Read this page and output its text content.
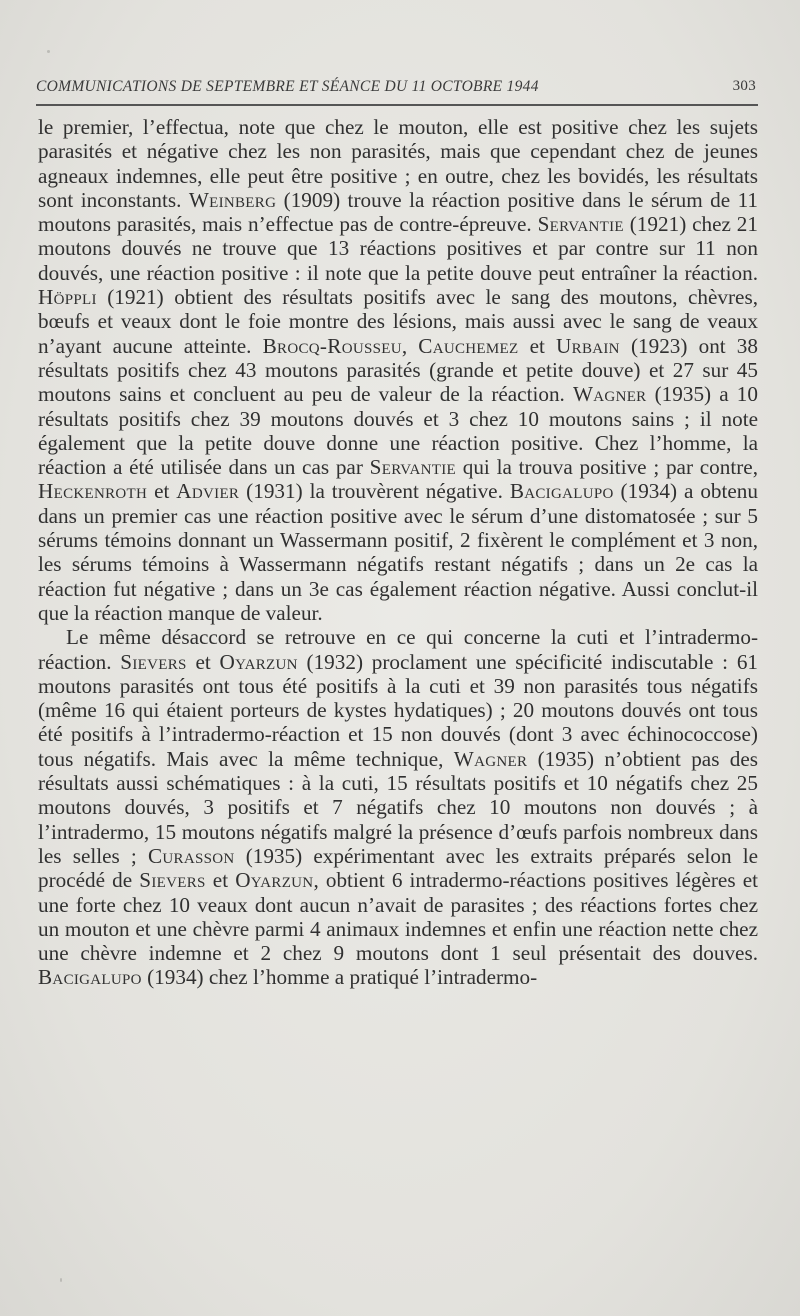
COMMUNICATIONS DE SEPTEMBRE ET SÉANCE DU 11 OCTOBRE 1944	303

le premier, l’effectua, note que chez le mouton, elle est positive chez les sujets parasités et négative chez les non parasités, mais que cependant chez de jeunes agneaux indemnes, elle peut être positive ; en outre, chez les bovidés, les résultats sont inconstants. Weinberg (1909) trouve la réaction positive dans le sérum de 11 moutons parasités, mais n’effectue pas de contre-épreuve. Servantie (1921) chez 21 moutons douvés ne trouve que 13 réactions positives et par contre sur 11 non douvés, une réaction positive : il note que la petite douve peut entraîner la réaction. Höppli (1921) obtient des résultats positifs avec le sang des moutons, chèvres, bœufs et veaux dont le foie montre des lésions, mais aussi avec le sang de veaux n’ayant aucune atteinte. Brocq-Rousseu, Cauchemez et Urbain (1923) ont 38 résultats positifs chez 43 moutons parasités (grande et petite douve) et 27 sur 45 moutons sains et concluent au peu de valeur de la réaction. Wagner (1935) a 10 résultats positifs chez 39 moutons douvés et 3 chez 10 moutons sains ; il note également que la petite douve donne une réaction positive. Chez l’homme, la réaction a été utilisée dans un cas par Servantie qui la trouva positive ; par contre, Heckenroth et Advier (1931) la trouvèrent négative. Bacigalupo (1934) a obtenu dans un premier cas une réaction positive avec le sérum d’une distomatosée ; sur 5 sérums témoins donnant un Wassermann positif, 2 fixèrent le complément et 3 non, les sérums témoins à Wassermann négatifs restant négatifs ; dans un 2e cas la réaction fut négative ; dans un 3e cas également réaction négative. Aussi conclut-il que la réaction manque de valeur.

Le même désaccord se retrouve en ce qui concerne la cuti et l’intradermo-réaction. Sievers et Oyarzun (1932) proclament une spécificité indiscutable : 61 moutons parasités ont tous été positifs à la cuti et 39 non parasités tous négatifs (même 16 qui étaient porteurs de kystes hydatiques) ; 20 moutons douvés ont tous été positifs à l’intradermo-réaction et 15 non douvés (dont 3 avec échinococcose) tous négatifs. Mais avec la même technique, Wagner (1935) n’obtient pas des résultats aussi schématiques : à la cuti, 15 résultats positifs et 10 négatifs chez 25 moutons douvés, 3 positifs et 7 négatifs chez 10 moutons non douvés ; à l’intradermo, 15 moutons négatifs malgré la présence d’œufs parfois nombreux dans les selles ; Curasson (1935) expérimentant avec les extraits préparés selon le procédé de Sievers et Oyarzun, obtient 6 intradermo-réactions positives légères et une forte chez 10 veaux dont aucun n’avait de parasites ; des réactions fortes chez un mouton et une chèvre parmi 4 animaux indemnes et enfin une réaction nette chez une chèvre indemne et 2 chez 9 moutons dont 1 seul présentait des douves. Bacigalupo (1934) chez l’homme a pratiqué l’intradermo-
